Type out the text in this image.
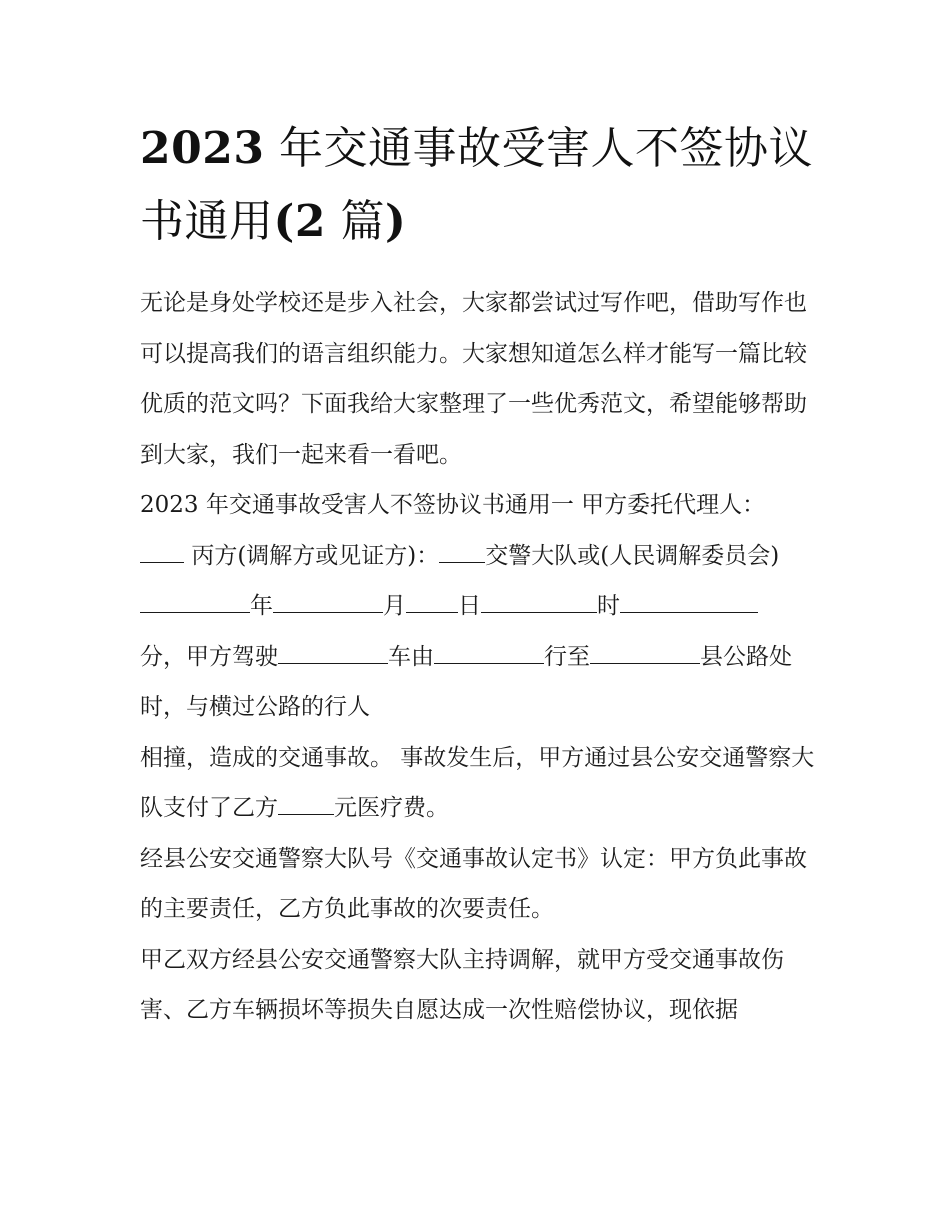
2023 年交通事故受害人不签协议书通用(2 篇)

无论是身处学校还是步入社会，大家都尝试过写作吧，借助写作也可以提高我们的语言组织能力。大家想知道怎么样才能写一篇比较优质的范文吗？下面我给大家整理了一些优秀范文，希望能够帮助到大家，我们一起来看一看吧。

2023 年交通事故受害人不签协议书通用一 甲方委托代理人：
丙方(调解方或见证方)： 交警大队或(人民调解委员会)

年	月 日	时
分，甲方驾驶	车由	行至	县公路处时，与横过公路的行人

相撞，造成的交通事故。 事故发生后，甲方通过县公安交通警察大队支付了乙方 元医疗费。

经县公安交通警察大队号《交通事故认定书》认定：甲方负此事故的主要责任，乙方负此事故的次要责任。

甲乙双方经县公安交通警察大队主持调解，就甲方受交通事故伤害、乙方车辆损坏等损失自愿达成一次性赔偿协议，现依据
